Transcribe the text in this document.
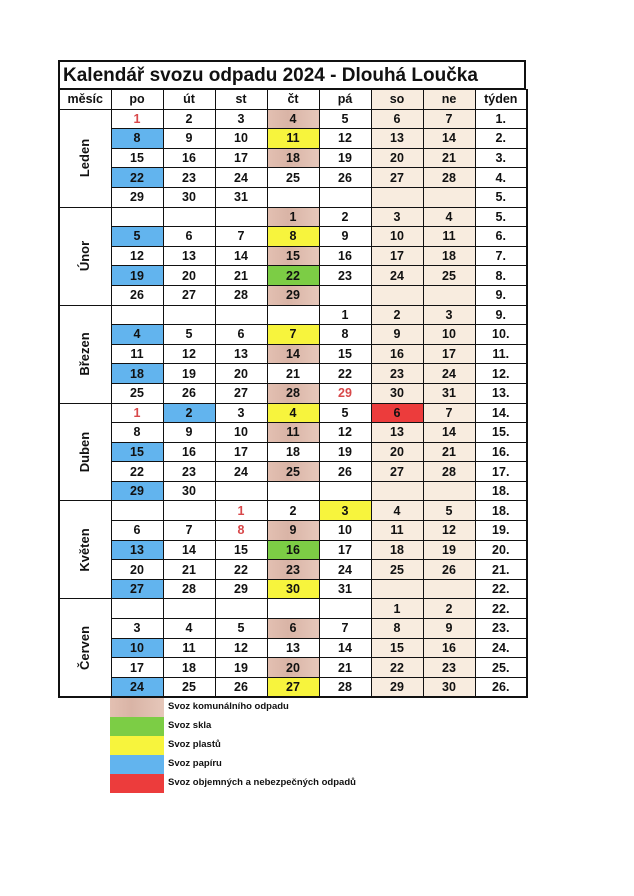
Kalendář svozu odpadu 2024 - Dlouhá Loučka
měsíc	po	út	st	čt	pá	so	ne	týden

Leden	1	2	3	4	5	6	7	1.
	8	9	10	11	12	13	14	2.
	15	16	17	18	19	20	21	3.
	22	23	24	25	26	27	28	4.
	29	30	31					5.

Únor				1	2	3	4	5.
	5	6	7	8	9	10	11	6.
	12	13	14	15	16	17	18	7.
	19	20	21	22	23	24	25	8.
	26	27	28	29				9.

Březen					1	2	3	9.
	4	5	6	7	8	9	10	10.
	11	12	13	14	15	16	17	11.
	18	19	20	21	22	23	24	12.
	25	26	27	28	29	30	31	13.

Duben	1	2	3	4	5	6	7	14.
	8	9	10	11	12	13	14	15.
	15	16	17	18	19	20	21	16.
	22	23	24	25	26	27	28	17.
	29	30						18.

Květen			1	2	3	4	5	18.
	6	7	8	9	10	11	12	19.
	13	14	15	16	17	18	19	20.
	20	21	22	23	24	25	26	21.
	27	28	29	30	31			22.

Červen						1	2	22.
	3	4	5	6	7	8	9	23.
	10	11	12	13	14	15	16	24.
	17	18	19	20	21	22	23	25.
	24	25	26	27	28	29	30	26.
Svoz komunálního odpadu
Svoz skla
Svoz plastů
Svoz papíru
Svoz objemných a nebezpečných odpadů
